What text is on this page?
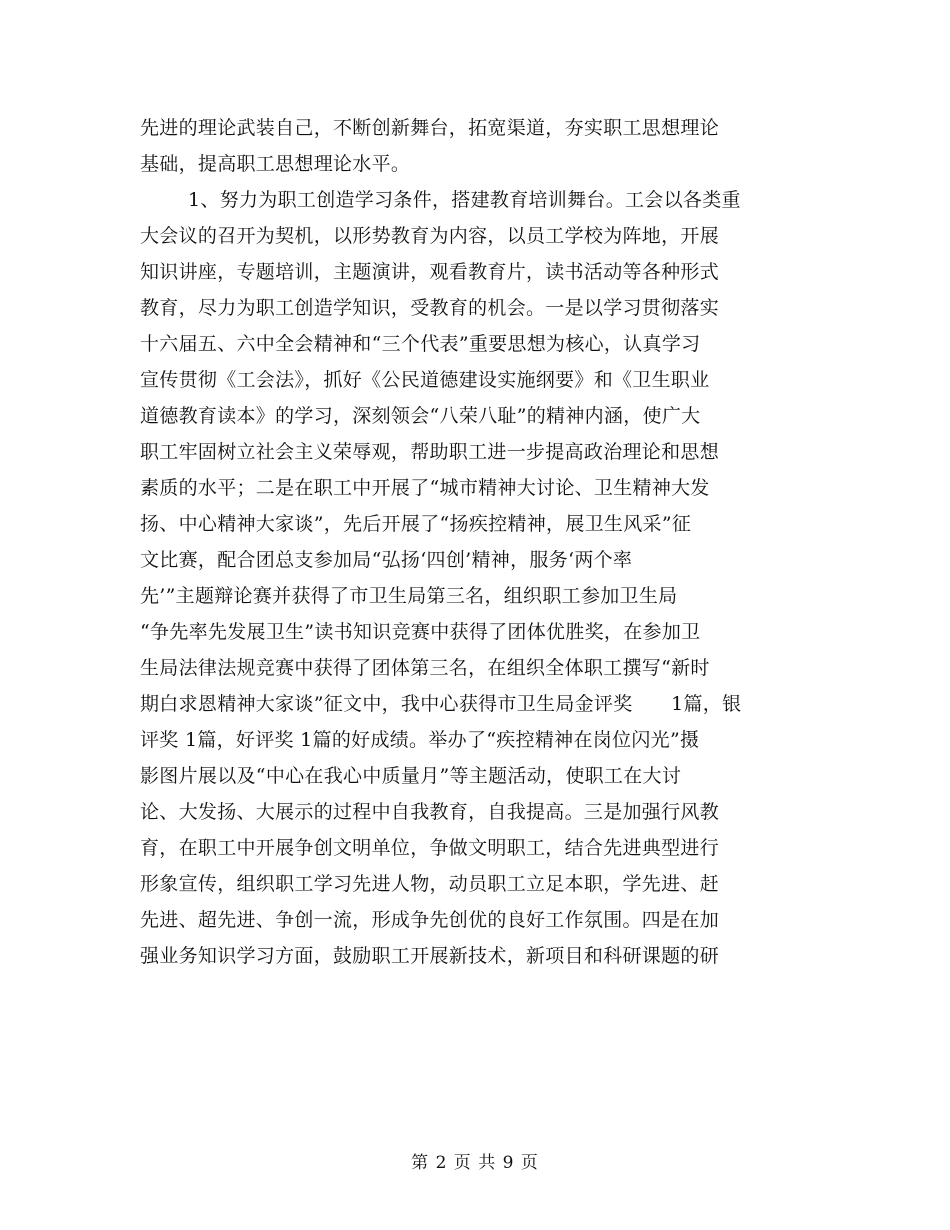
先进的理论武装自己，不断创新舞台，拓宽渠道，夯实职工思想理论
基础，提高职工思想理论水平。
1、努力为职工创造学习条件，搭建教育培训舞台。工会以各类重
大会议的召开为契机，以形势教育为内容，以员工学校为阵地，开展
知识讲座，专题培训，主题演讲，观看教育片，读书活动等各种形式
教育，尽力为职工创造学知识，受教育的机会。一是以学习贯彻落实
十六届五、六中全会精神和“三个代表”重要思想为核心，认真学习
宣传贯彻《工会法》，抓好《公民道德建设实施纲要》和《卫生职业
道德教育读本》的学习，深刻领会“八荣八耻”的精神内涵，使广大
职工牢固树立社会主义荣辱观，帮助职工进一步提高政治理论和思想
素质的水平；二是在职工中开展了“城市精神大讨论、卫生精神大发
扬、中心精神大家谈”，先后开展了“扬疾控精神，展卫生风采”征
文比赛，配合团总支参加局“弘扬‘四创’精神，服务‘两个率
先’”主题辩论赛并获得了市卫生局第三名，组织职工参加卫生局
“争先率先发展卫生”读书知识竞赛中获得了团体优胜奖，在参加卫
生局法律法规竞赛中获得了团体第三名，在组织全体职工撰写“新时
期白求恩精神大家谈”征文中，我中心获得市卫生局金评奖　　1篇，银
评奖 1篇，好评奖 1篇的好成绩。举办了“疾控精神在岗位闪光”摄
影图片展以及“中心在我心中质量月”等主题活动，使职工在大讨
论、大发扬、大展示的过程中自我教育，自我提高。三是加强行风教
育，在职工中开展争创文明单位，争做文明职工，结合先进典型进行
形象宣传，组织职工学习先进人物，动员职工立足本职，学先进、赶
先进、超先进、争创一流，形成争先创优的良好工作氛围。四是在加
强业务知识学习方面，鼓励职工开展新技术，新项目和科研课题的研
第 2 页 共 9 页
